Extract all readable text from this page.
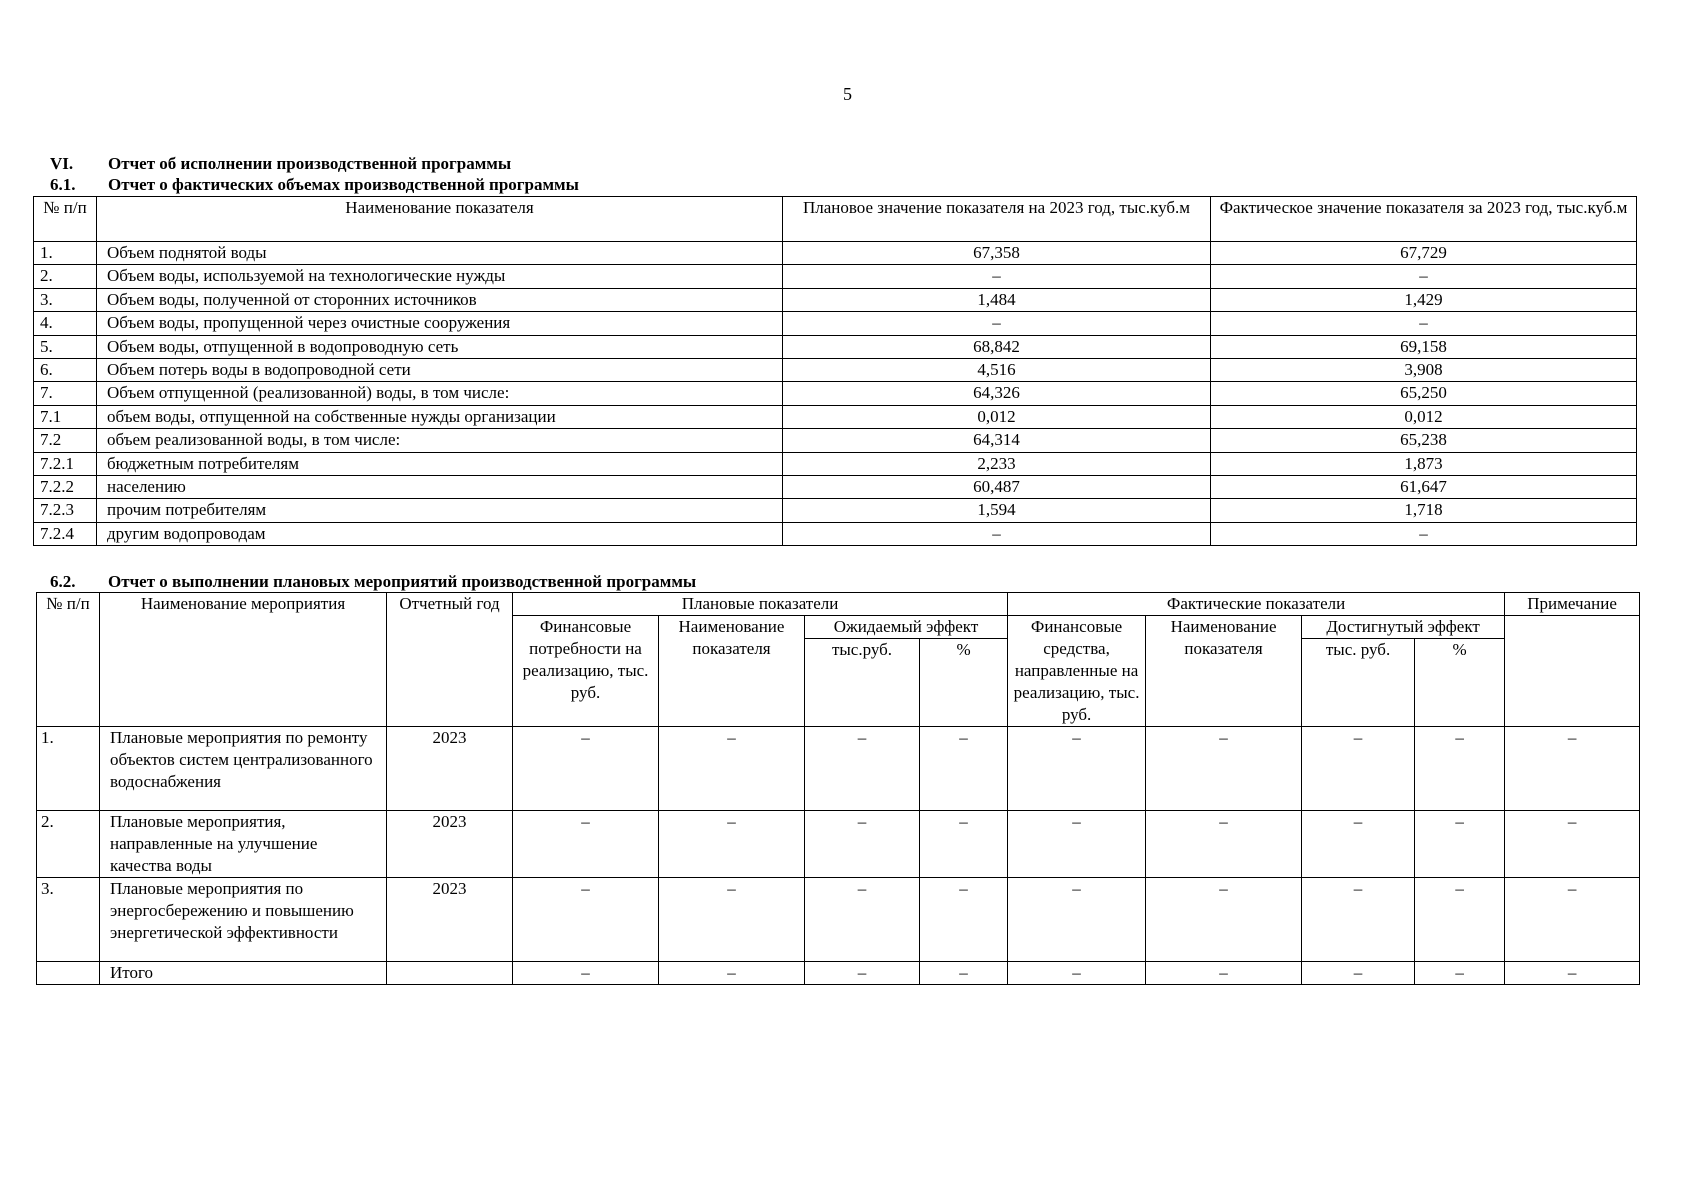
5
VI. Отчет об исполнении производственной программы
6.1. Отчет о фактических объемах производственной программы
№ п/п	Наименование показателя	Плановое значение показателя на 2023 год, тыс.куб.м	Фактическое значение показателя за 2023 год, тыс.куб.м
1.	Объем поднятой воды	67,358	67,729
2.	Объем воды, используемой на технологические нужды	–	–
3.	Объем воды, полученной от сторонних источников	1,484	1,429
4.	Объем воды, пропущенной через очистные сооружения	–	–
5.	Объем воды, отпущенной в водопроводную сеть	68,842	69,158
6.	Объем потерь воды в водопроводной сети	4,516	3,908
7.	Объем отпущенной (реализованной) воды, в том числе:	64,326	65,250
7.1	объем воды, отпущенной на собственные нужды организации	0,012	0,012
7.2	объем реализованной воды, в том числе:	64,314	65,238
7.2.1	бюджетным потребителям	2,233	1,873
7.2.2	населению	60,487	61,647
7.2.3	прочим потребителям	1,594	1,718
7.2.4	другим водопроводам	–	–
6.2. Отчет о выполнении плановых мероприятий производственной программы
№ п/п	Наименование мероприятия	Отчетный год	Плановые показатели				Фактические показатели				Примечание
			Финансовые потребности на реализацию, тыс. руб.	Наименование показателя	Ожидаемый эффект		Финансовые средства, направленные на реализацию, тыс. руб.	Наименование показателя	Достигнутый эффект		
					тыс.руб.	%			тыс. руб.	%	
1.	Плановые мероприятия по ремонту объектов систем централизованного водоснабжения	2023	–	–	–	–	–	–	–	–	–
2.	Плановые мероприятия, направленные на улучшение качества воды	2023	–	–	–	–	–	–	–	–	–
3.	Плановые мероприятия по энергосбережению и повышению энергетической эффективности	2023	–	–	–	–	–	–	–	–	–
	Итого		–	–	–	–	–	–	–	–	–
